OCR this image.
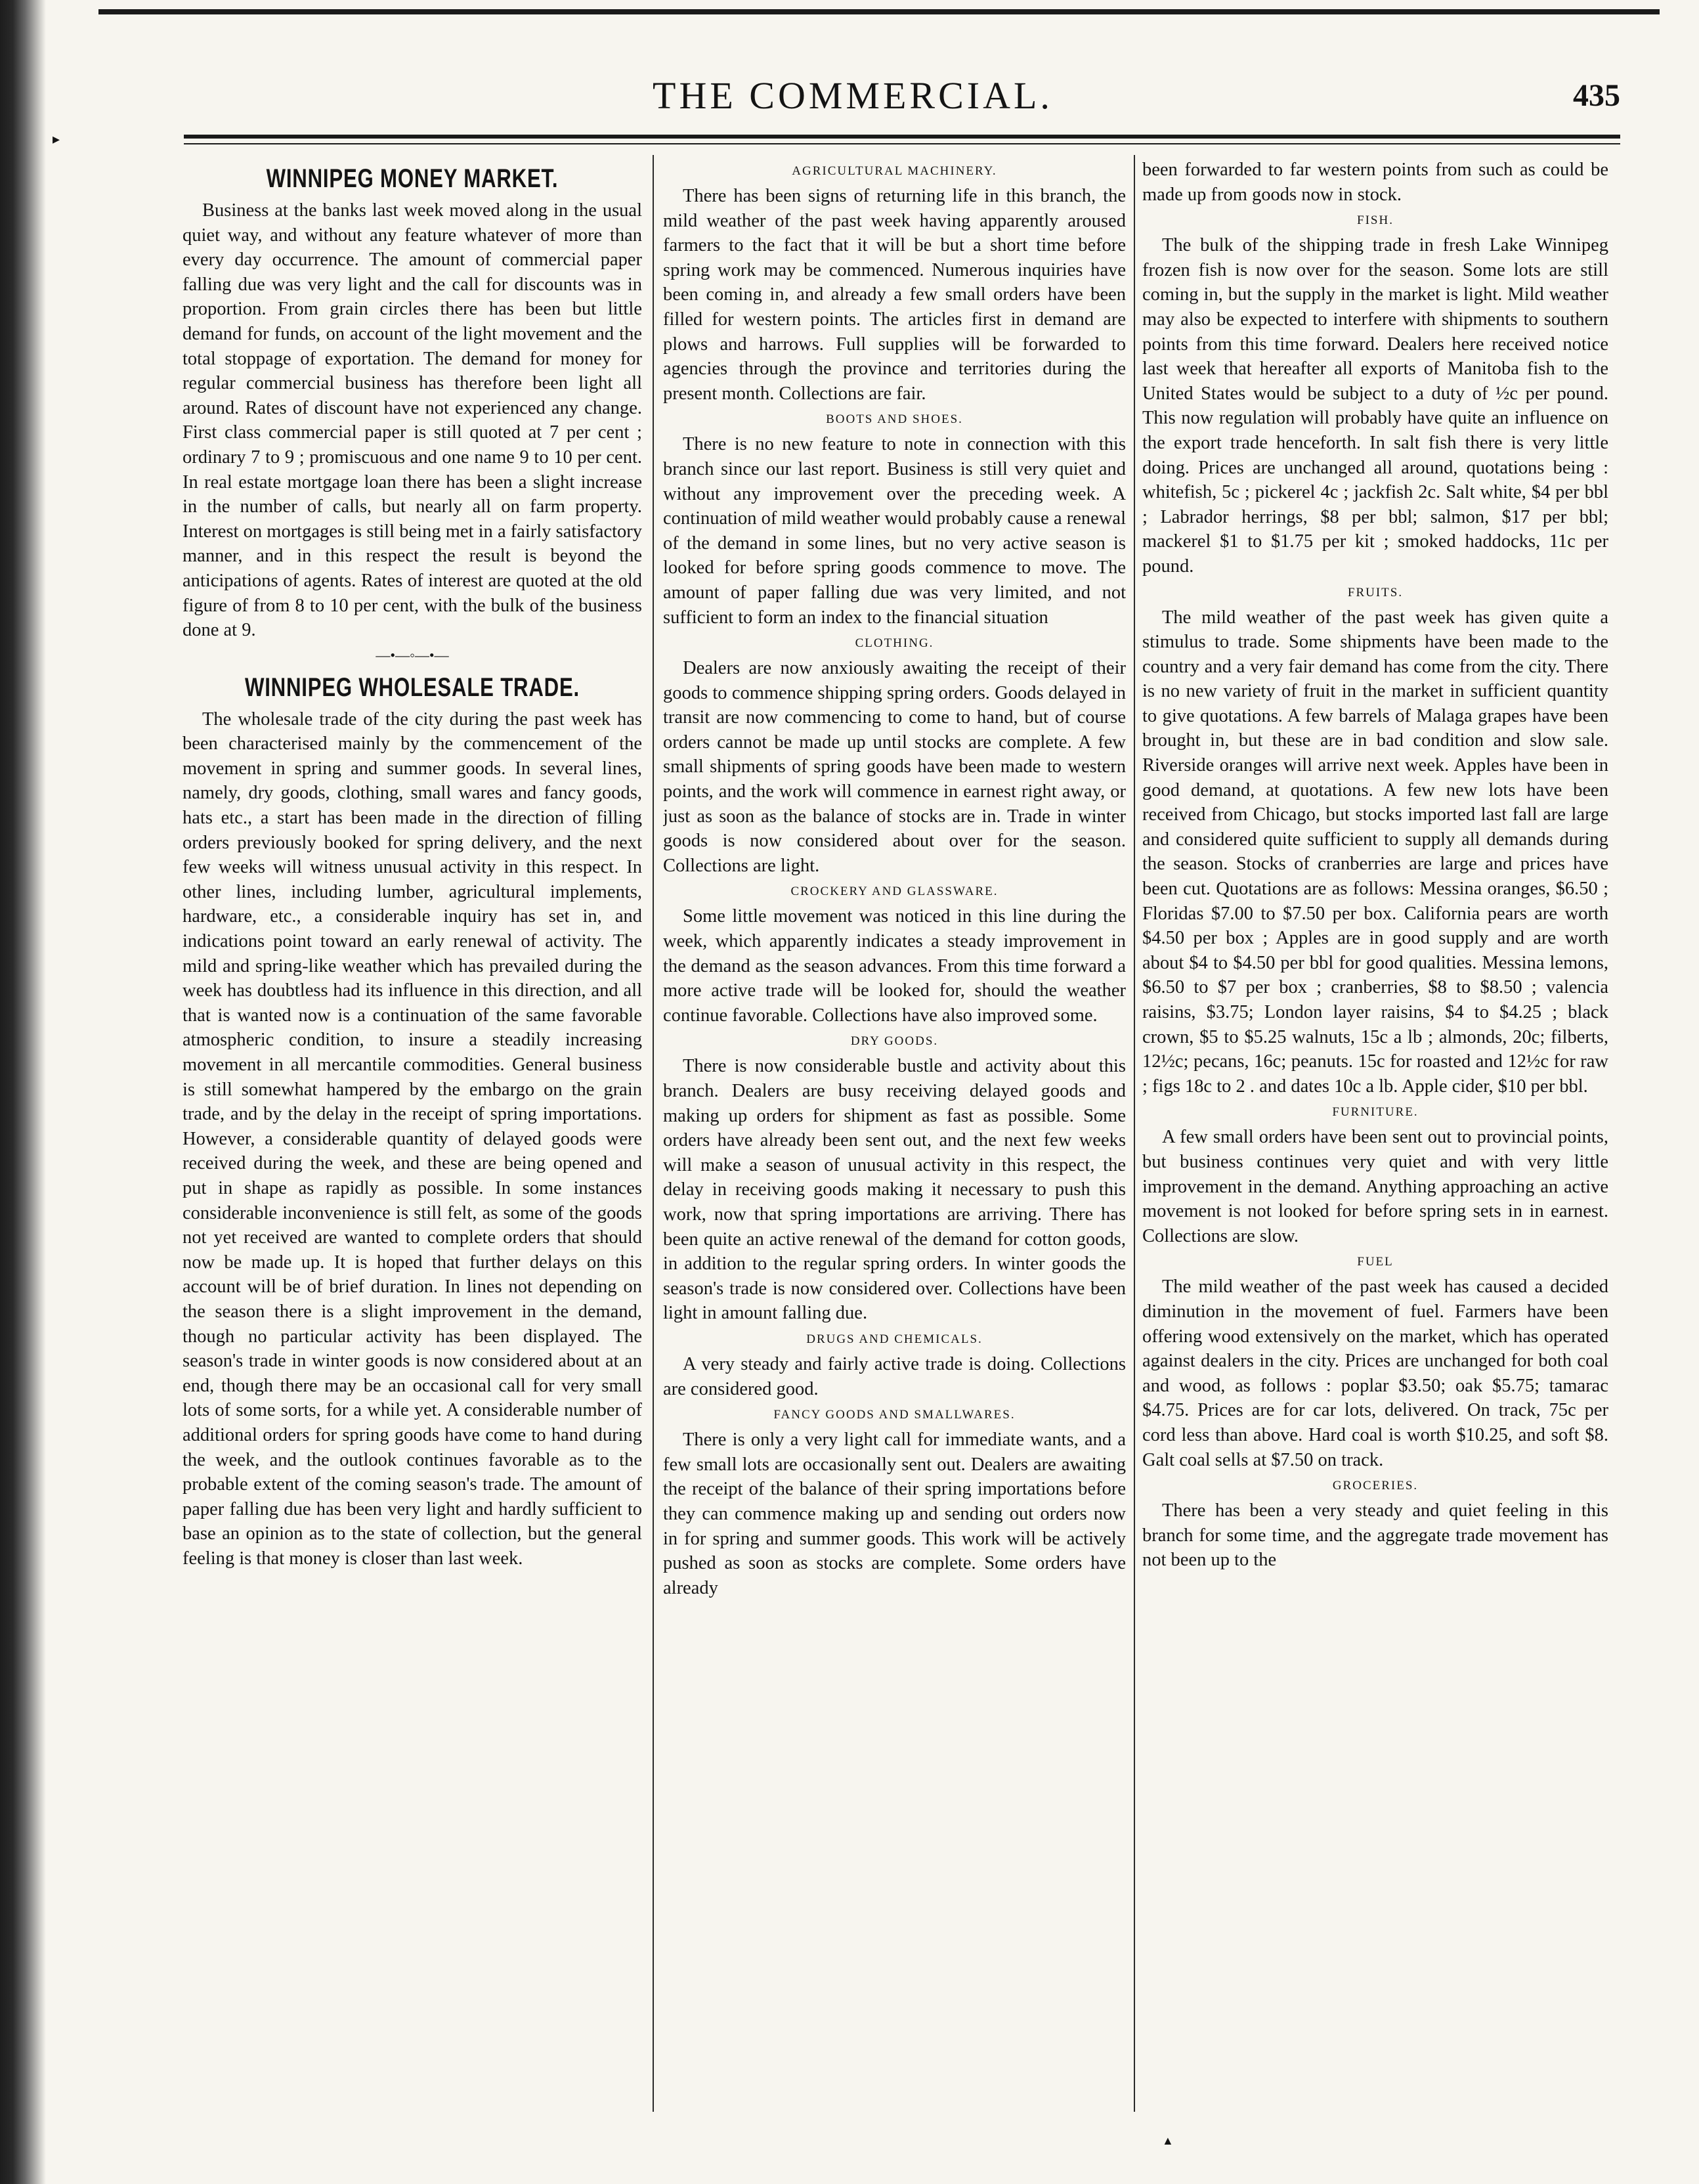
▸
THE COMMERCIAL.	435
WINNIPEG MONEY MARKET.

Business at the banks last week moved along in the usual quiet way, and without any feature whatever of more than every day occurrence. The amount of commercial paper falling due was very light and the call for discounts was in proportion. From grain circles there has been but little demand for funds, on account of the light movement and the total stoppage of exportation. The demand for money for regular commercial business has therefore been light all around. Rates of discount have not experienced any change. First class commercial paper is still quoted at 7 per cent ; ordinary 7 to 9 ; promiscuous and one name 9 to 10 per cent. In real estate mortgage loan there has been a slight increase in the number of calls, but nearly all on farm property. Interest on mortgages is still being met in a fairly satisfactory manner, and in this respect the result is beyond the anticipations of agents. Rates of interest are quoted at the old figure of from 8 to 10 per cent, with the bulk of the business done at 9.

—•—◦—•—
WINNIPEG WHOLESALE TRADE.

The wholesale trade of the city during the past week has been characterised mainly by the commencement of the movement in spring and summer goods. In several lines, namely, dry goods, clothing, small wares and fancy goods, hats etc., a start has been made in the direction of filling orders previously booked for spring delivery, and the next few weeks will witness unusual activity in this respect. In other lines, including lumber, agricultural implements, hardware, etc., a considerable inquiry has set in, and indications point toward an early renewal of activity. The mild and spring-like weather which has prevailed during the week has doubtless had its influence in this direction, and all that is wanted now is a continuation of the same favorable atmospheric condition, to insure a steadily increasing movement in all mercantile commodities. General business is still somewhat hampered by the embargo on the grain trade, and by the delay in the receipt of spring importations. However, a considerable quantity of delayed goods were received during the week, and these are being opened and put in shape as rapidly as possible. In some instances considerable inconvenience is still felt, as some of the goods not yet received are wanted to complete orders that should now be made up. It is hoped that further delays on this account will be of brief duration. In lines not depending on the season there is a slight improvement in the demand, though no particular activity has been displayed. The season's trade in winter goods is now considered about at an end, though there may be an occasional call for very small lots of some sorts, for a while yet. A considerable number of additional orders for spring goods have come to hand during the week, and the outlook continues favorable as to the probable extent of the coming season's trade. The amount of paper falling due has been very light and hardly sufficient to base an opinion as to the state of collection, but the general feeling is that money is closer than last week.

AGRICULTURAL MACHINERY.

There has been signs of returning life in this branch, the mild weather of the past week having apparently aroused farmers to the fact that it will be but a short time before spring work may be commenced. Numerous inquiries have been coming in, and already a few small orders have been filled for western points. The articles first in demand are plows and harrows. Full supplies will be forwarded to agencies through the province and territories during the present month. Collections are fair.

BOOTS AND SHOES.

There is no new feature to note in connection with this branch since our last report. Business is still very quiet and without any improvement over the preceding week. A continuation of mild weather would probably cause a renewal of the demand in some lines, but no very active season is looked for before spring goods commence to move. The amount of paper falling due was very limited, and not sufficient to form an index to the financial situation

CLOTHING.

Dealers are now anxiously awaiting the receipt of their goods to commence shipping spring orders. Goods delayed in transit are now commencing to come to hand, but of course orders cannot be made up until stocks are complete. A few small shipments of spring goods have been made to western points, and the work will commence in earnest right away, or just as soon as the balance of stocks are in. Trade in winter goods is now considered about over for the season. Collections are light.

CROCKERY AND GLASSWARE.

Some little movement was noticed in this line during the week, which apparently indicates a steady improvement in the demand as the season advances. From this time forward a more active trade will be looked for, should the weather continue favorable. Collections have also improved some.

DRY GOODS.

There is now considerable bustle and activity about this branch. Dealers are busy receiving delayed goods and making up orders for shipment as fast as possible. Some orders have already been sent out, and the next few weeks will make a season of unusual activity in this respect, the delay in receiving goods making it necessary to push this work, now that spring importations are arriving. There has been quite an active renewal of the demand for cotton goods, in addition to the regular spring orders. In winter goods the season's trade is now considered over. Collections have been light in amount falling due.

DRUGS AND CHEMICALS.

A very steady and fairly active trade is doing. Collections are considered good.

FANCY GOODS AND SMALLWARES.

There is only a very light call for immediate wants, and a few small lots are occasionally sent out. Dealers are awaiting the receipt of the balance of their spring importations before they can commence making up and sending out orders now in for spring and summer goods. This work will be actively pushed as soon as stocks are complete. Some orders have already

been forwarded to far western points from such as could be made up from goods now in stock.

FISH.

The bulk of the shipping trade in fresh Lake Winnipeg frozen fish is now over for the season. Some lots are still coming in, but the supply in the market is light. Mild weather may also be expected to interfere with shipments to southern points from this time forward. Dealers here received notice last week that hereafter all exports of Manitoba fish to the United States would be subject to a duty of ½c per pound. This now regulation will probably have quite an influence on the export trade henceforth. In salt fish there is very little doing. Prices are unchanged all around, quotations being : whitefish, 5c ; pickerel 4c ; jackfish 2c. Salt white, $4 per bbl ; Labrador herrings, $8 per bbl; salmon, $17 per bbl; mackerel $1 to $1.75 per kit ; smoked haddocks, 11c per pound.

FRUITS.

The mild weather of the past week has given quite a stimulus to trade. Some shipments have been made to the country and a very fair demand has come from the city. There is no new variety of fruit in the market in sufficient quantity to give quotations. A few barrels of Malaga grapes have been brought in, but these are in bad condition and slow sale. Riverside oranges will arrive next week. Apples have been in good demand, at quotations. A few new lots have been received from Chicago, but stocks imported last fall are large and considered quite sufficient to supply all demands during the season. Stocks of cranberries are large and prices have been cut. Quotations are as follows: Messina oranges, $6.50 ; Floridas $7.00 to $7.50 per box. California pears are worth $4.50 per box ; Apples are in good supply and are worth about $4 to $4.50 per bbl for good qualities. Messina lemons, $6.50 to $7 per box ; cranberries, $8 to $8.50 ; valencia raisins, $3.75; London layer raisins, $4 to $4.25 ; black crown, $5 to $5.25 walnuts, 15c a lb ; almonds, 20c; filberts, 12½c; pecans, 16c; peanuts. 15c for roasted and 12½c for raw ; figs 18c to 2 . and dates 10c a lb. Apple cider, $10 per bbl.

FURNITURE.

A few small orders have been sent out to provincial points, but business continues very quiet and with very little improvement in the demand. Anything approaching an active movement is not looked for before spring sets in in earnest. Collections are slow.

FUEL

The mild weather of the past week has caused a decided diminution in the movement of fuel. Farmers have been offering wood extensively on the market, which has operated against dealers in the city. Prices are unchanged for both coal and wood, as follows : poplar $3.50; oak $5.75; tamarac $4.75. Prices are for car lots, delivered. On track, 75c per cord less than above. Hard coal is worth $10.25, and soft $8. Galt coal sells at $7.50 on track.

GROCERIES.

There has been a very steady and quiet feeling in this branch for some time, and the aggregate trade movement has not been up to the

▲
